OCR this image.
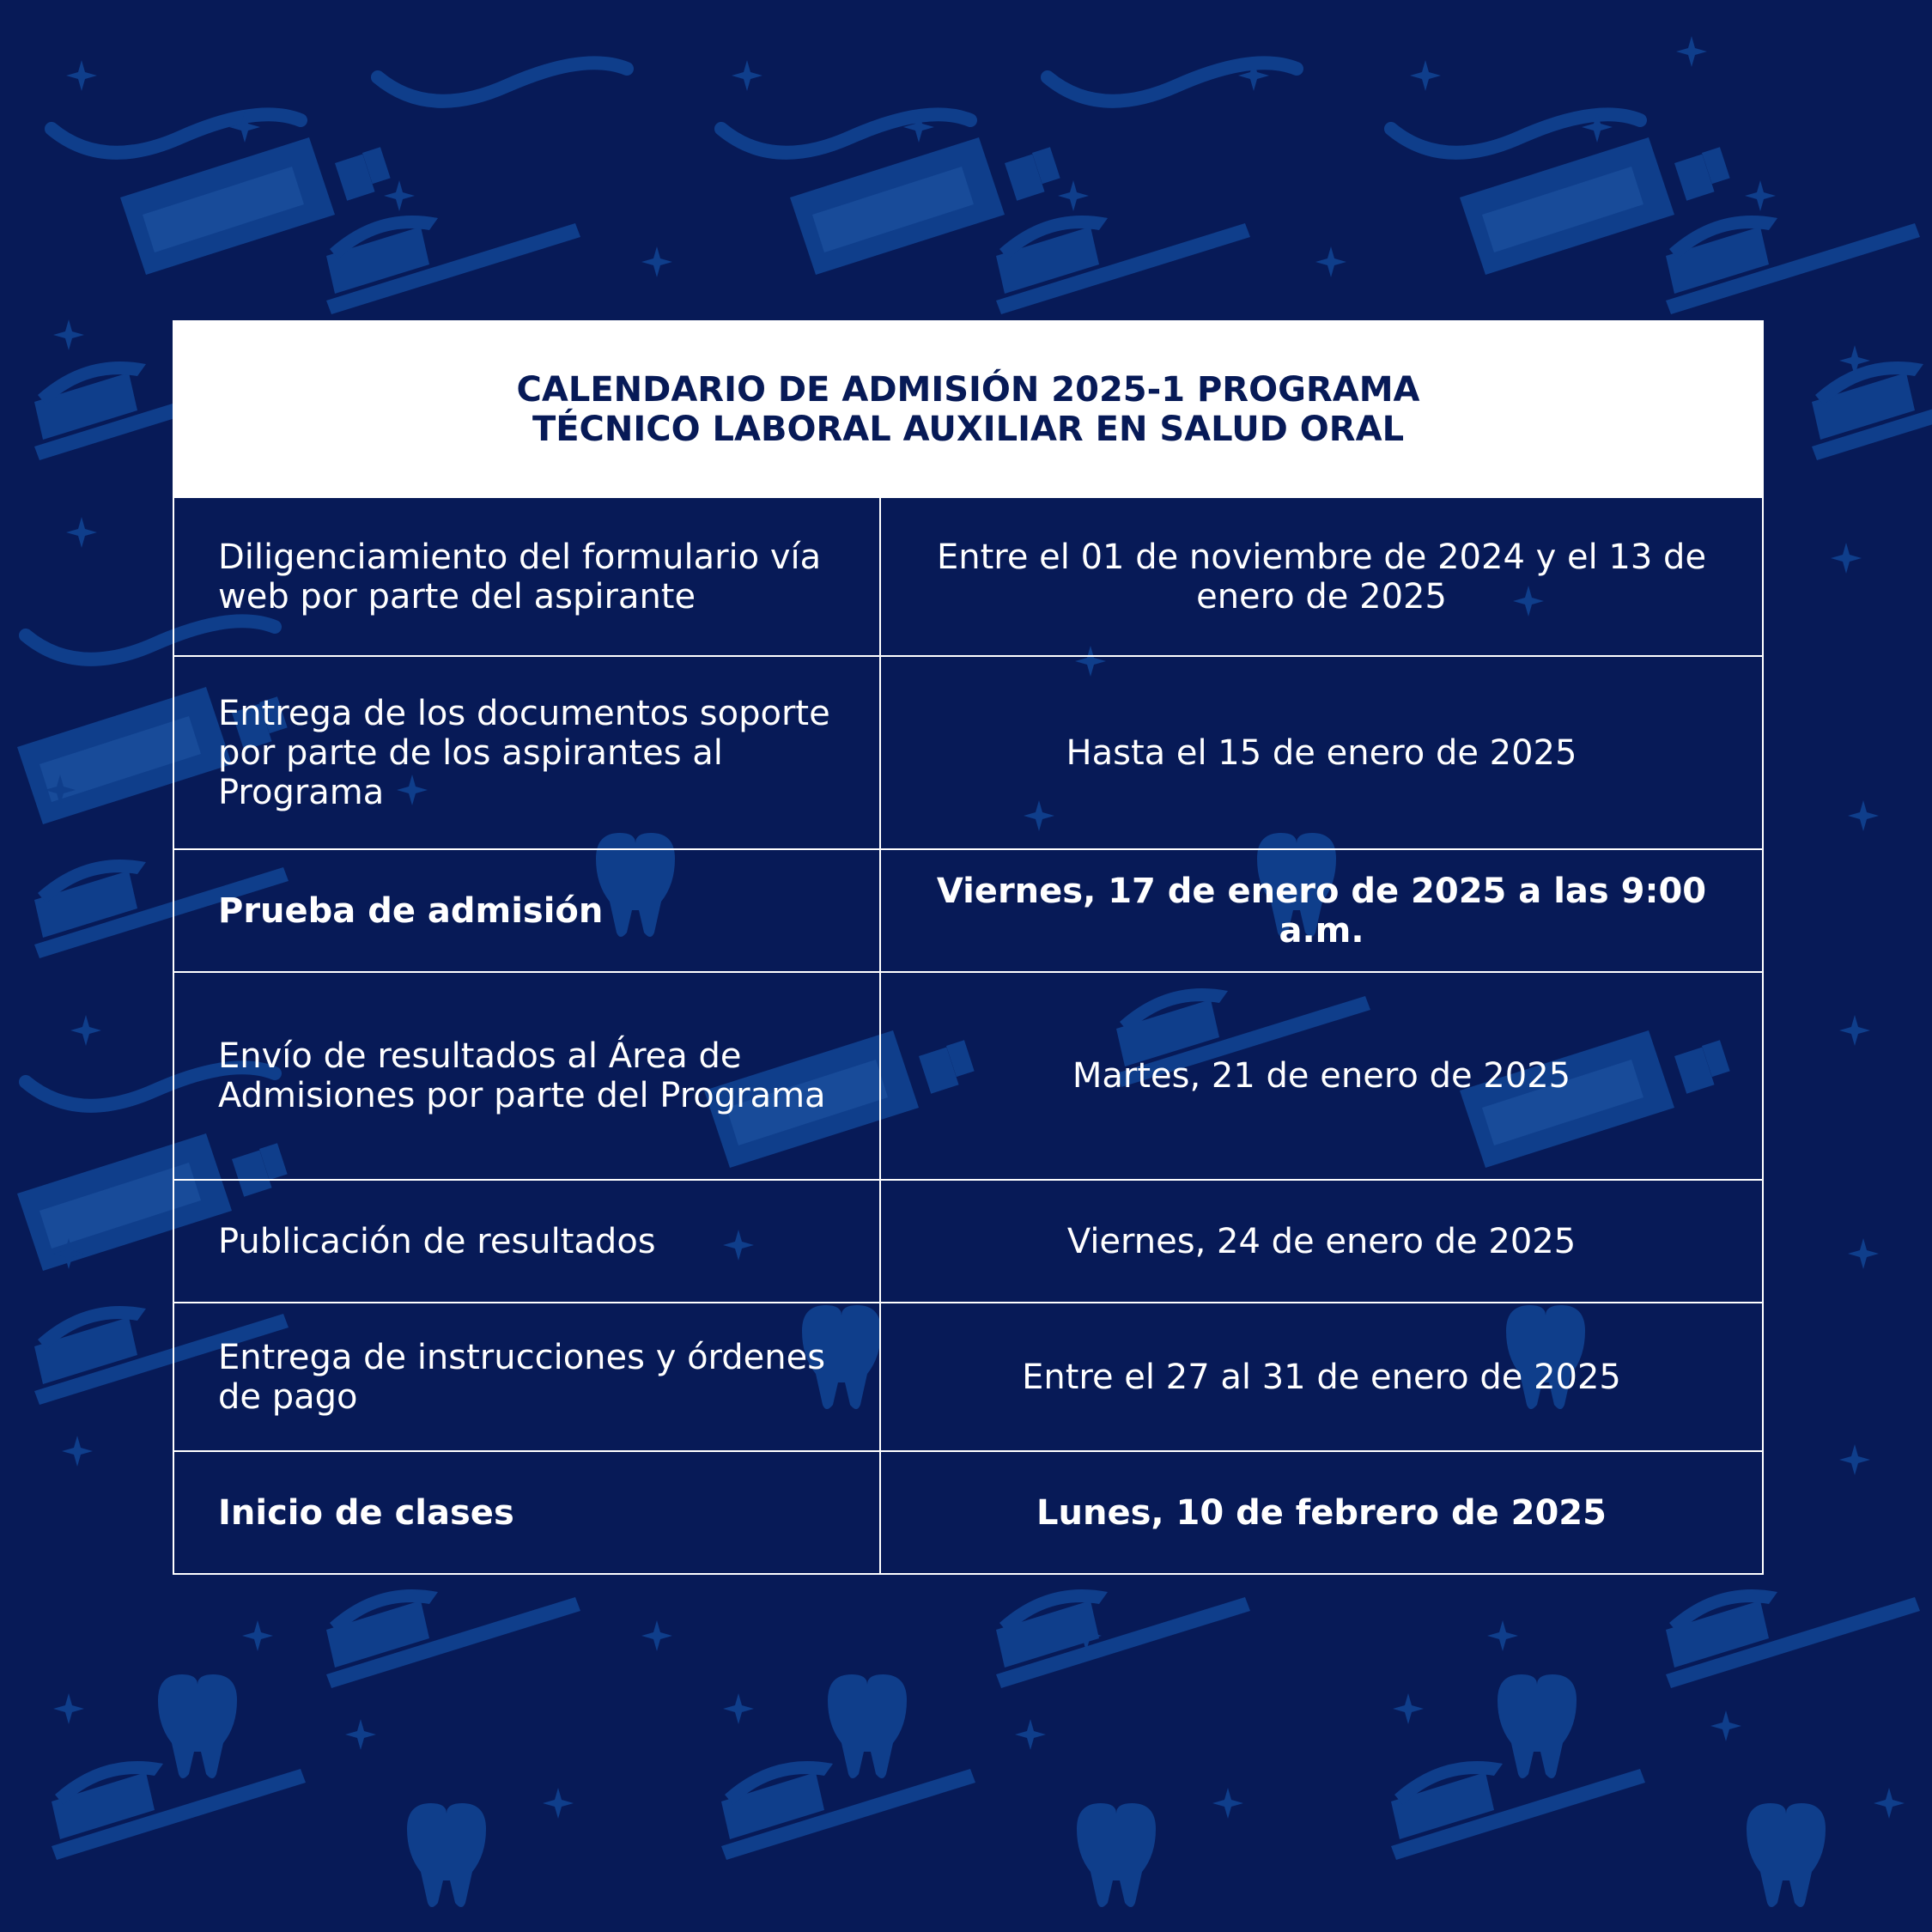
CALENDARIO DE ADMISIÓN 2025-1 PROGRAMA
TÉCNICO LABORAL AUXILIAR EN SALUD ORAL	

Diligenciamiento del formulario vía web por parte del aspirante	Entre el 01 de noviembre de 2024 y el 13 de enero de 2025
Entrega de los documentos soporte por parte de los aspirantes al Programa	Hasta el 15 de enero de 2025
Prueba de admisión	Viernes, 17 de enero de 2025 a las 9:00 a.m.
Envío de resultados al Área de Admisiones por parte del Programa	Martes, 21 de enero de 2025
Publicación de resultados	Viernes, 24 de enero de 2025
Entrega de instrucciones y órdenes de pago	Entre el 27 al 31 de enero de 2025
Inicio de clases	Lunes, 10 de febrero de 2025
